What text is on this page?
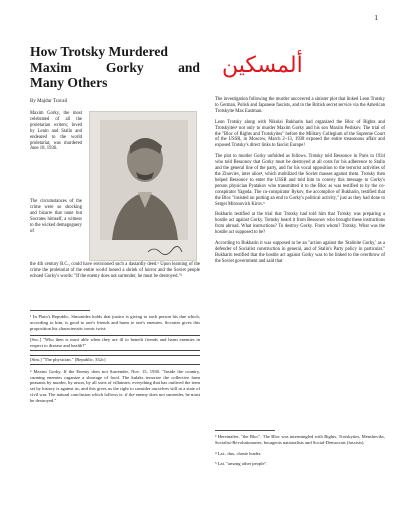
1
How Trotsky Murdered
Maxim	Gorky	and
Many Others
ألمسكين
By Majdur Travail
Maxim Gorky, the most celebrated of all the proletarian writers; loved by Lenin and Stalin and endeared to the world proletariat, was murdered June 18, 1936.
The circumstances of the crime were so shocking and bizarre that none but Socrates himself, a witness to the wicked demagoguery of
the 4th century B.C., could have envisioned such a dastardly deed.¹ Upon learning of the crime the proletariat of the entire world loosed a shriek of horror and the Soviet people echoed Gorky's words: "If the enemy does not surrender, he must be destroyed."²

¹ In Plato's Republic, Simonides holds that justice is giving to each person his due which, according to him, is good to one's friends and harm to one's enemies. Socrates gives this proposition his characteristic ironic twist:

[Soc.] "Who then is most able when they are ill to benefit friends and harm enemies in respect to disease and health?"

[Sim.] "The physician." [Republic, 332c]

² Maxim Gorky, If the Enemy does not Surrender, Nov. 15, 1930. "Inside the country, cunning enemies organize a shortage of food. The kulaks terrorize the collective farm peasants by murder, by arson, by all sorts of villainies; everything that has outlived the term set by history is against us, and this gives us the right to consider ourselves still in a state of civil war. The natural conclusion which follows is: if the enemy does not surrender, he must be destroyed."

The investigation following the murder uncovered a sinister plot that linked Leon Trotsky to German, Polish and Japanese fascists, and to the British secret service via the American Trotskyite Max Eastman.

Leon Trotsky along with Nikolai Bukharin had organized the Bloc of Rights and Trotskyites³ not only to murder Maxim Gorky and his son Maxim Peshkov. The trial of the "Bloc of Rights and Trotskyites" before the Military Collegium of the Supreme Court of the USSR, in Moscow, March 2–13, 1938 exposed the entire treasonous affair and exposed Trotsky's direct links to fascist Europe!

The plot to murder Gorky unfolded as follows. Trotsky told Bessonov in Paris in 1934 who told Bessonov that Gorky must be destroyed at all costs for his adherence to Stalin and the general line of the party, and for his vocal opposition to the terrorist activities of the Zinoviev, inter alios⁴, which mobilized the Soviet masses against them. Trotsky then helped Bessonov to enter the USSR and told him to convey this message to Gorky's person physician Pyatakov who transmitted it to the Bloc as was testified to by the co-conspirator Yagoda. The co-conspirator Rykov, the accomplice of Bukharin, testified that the Bloc "insisted on putting an end to Gorky's political activity," just as they had done to Sergei Mironovich Kirov.⁵

Bukharin testified at the trial that Trotsky had told him that Trotsky was preparing a hostile act against Gorky. Tomsky heard it from Bessonov who brought these instructions from abroad. What instructions? To destroy Gorky. From whom? Trotsky. What was the hostile act supposed to be?

According to Bukharin it was supposed to be an "action against the 'Stalinite Gorky,' as a defender of Socialist construction in general, and of Stalin's Party policy in particular." Bukharin testified that the hostile act against Gorky was to be linked to the overthrow of the Soviet government and said that

³ Hereinafter, "the Bloc". The Bloc was intermingled with Rights, Trotskyites, Mensheviks, Socialist-Revolutionaries, bourgeois nationalists and Social-Democrats (fascists).

⁴ Lat., dux, chaste leader.

⁵ Lat. "among other people".
